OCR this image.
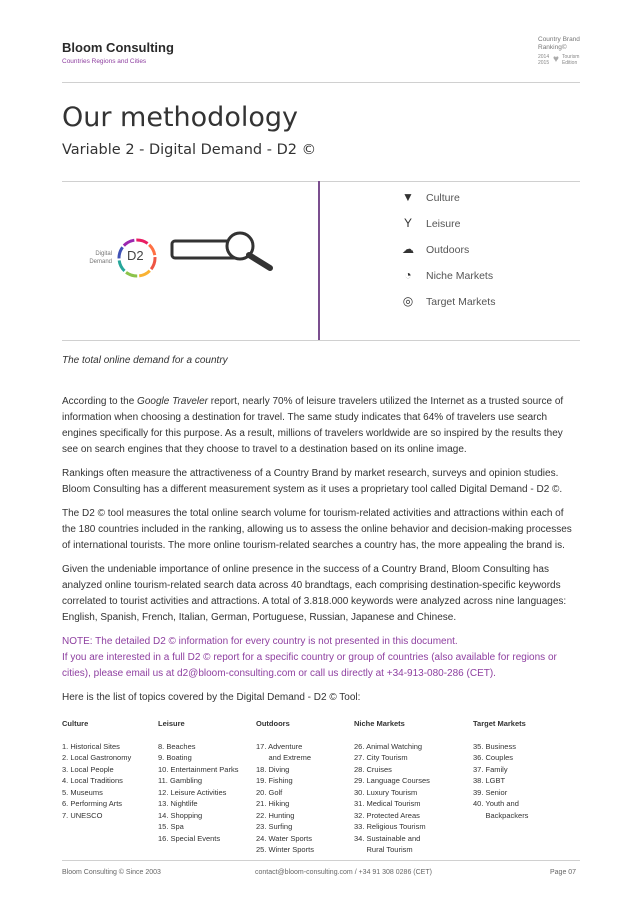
Bloom Consulting
Countries Regions and Cities
Country Brand
Ranking©
2014 2015 ♥ Tourism Edition
Our methodology
Variable 2 - Digital Demand - D2 ©
Digital
Demand D2
▼ Culture
Y Leisure
☁ Outdoors
◔ Niche Markets
◎ Target Markets
The total online demand for a country
According to the Google Traveler report, nearly 70% of leisure travelers utilized the Internet as a trusted source of information when choosing a destination for travel. The same study indicates that 64% of travelers use search engines specifically for this purpose. As a result, millions of travelers worldwide are so inspired by the results they see on search engines that they choose to travel to a destination based on its online image.
Rankings often measure the attractiveness of a Country Brand by market research, surveys and opinion studies. Bloom Consulting has a different measurement system as it uses a proprietary tool called Digital Demand - D2 ©.
The D2 © tool measures the total online search volume for tourism-related activities and attractions within each of the 180 countries included in the ranking, allowing us to assess the online behavior and decision-making processes of international tourists. The more online tourism-related searches a country has, the more appealing the brand is.
Given the undeniable importance of online presence in the success of a Country Brand, Bloom Consulting has analyzed online tourism-related search data across 40 brandtags, each comprising destination-specific keywords correlated to tourist activities and attractions. A total of 3.818.000 keywords were analyzed across nine languages: English, Spanish, French, Italian, German, Portuguese, Russian, Japanese and Chinese.
NOTE: The detailed D2 © information for every country is not presented in this document.
If you are interested in a full D2 © report for a specific country or group of countries (also available for regions or cities), please email us at d2@bloom-consulting.com or call us directly at +34-913-080-286 (CET).
Here is the list of topics covered by the Digital Demand - D2 © Tool:
Culture
1. Historical Sites
2. Local Gastronomy
3. Local People
4. Local Traditions
5. Museums
6. Performing Arts
7. UNESCO
Leisure
8. Beaches
9. Boating
10. Entertainment Parks
11. Gambling
12. Leisure Activities
13. Nightlife
14. Shopping
15. Spa
16. Special Events
Outdoors
17. Adventure
and Extreme
18. Diving
19. Fishing
20. Golf
21. Hiking
22. Hunting
23. Surfing
24. Water Sports
25. Winter Sports
Niche Markets
26. Animal Watching
27. City Tourism
28. Cruises
29. Language Courses
30. Luxury Tourism
31. Medical Tourism
32. Protected Areas
33. Religious Tourism
34. Sustainable and
Rural Tourism
Target Markets
35. Business
36. Couples
37. Family
38. LGBT
39. Senior
40. Youth and
Backpackers
Bloom Consulting © Since 2003	contact@bloom-consulting.com / +34 91 308 0286 (CET)	Page 07
